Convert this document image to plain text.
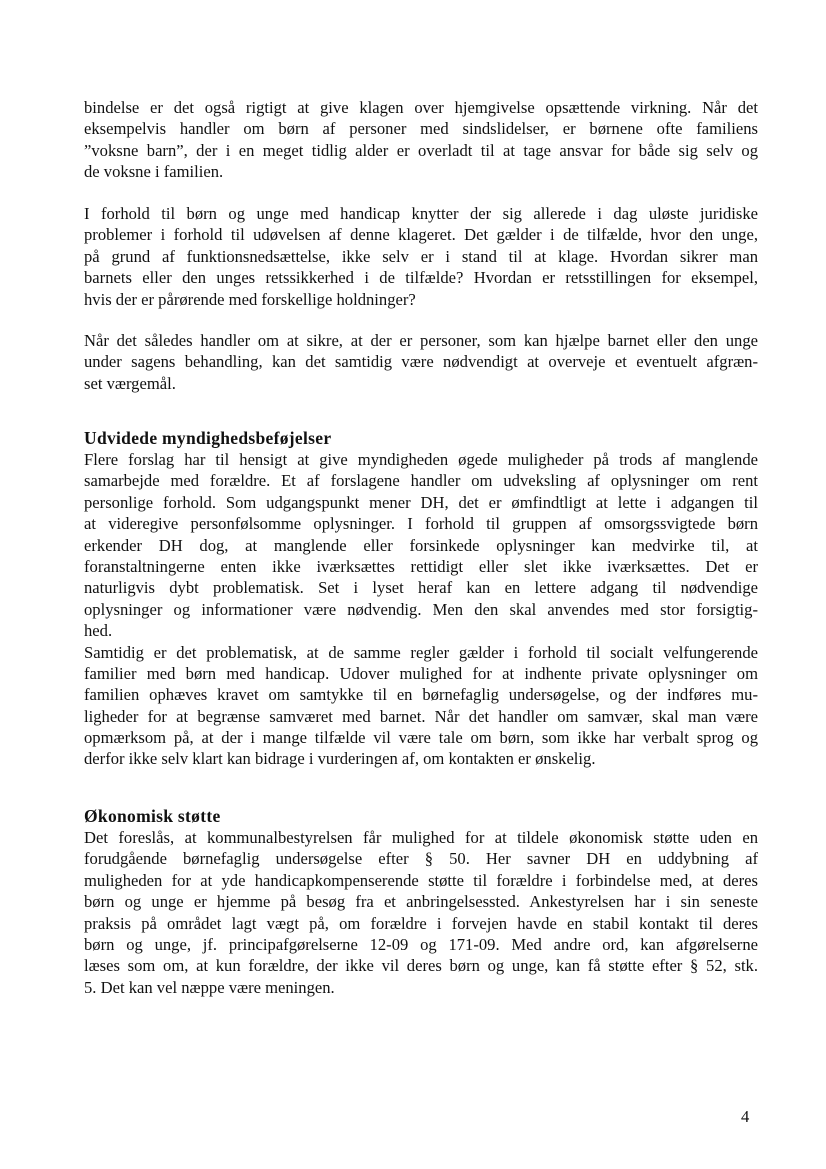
bindelse er det også rigtigt at give klagen over hjemgivelse opsættende virkning. Når det
eksempelvis handler om børn af personer med sindslidelser, er børnene ofte familiens
”voksne barn”, der i en meget tidlig alder er overladt til at tage ansvar for både sig selv og
de voksne i familien.
I forhold til børn og unge med handicap knytter der sig allerede i dag uløste juridiske
problemer i forhold til udøvelsen af denne klageret. Det gælder i de tilfælde, hvor den unge,
på grund af funktionsnedsættelse, ikke selv er i stand til at klage. Hvordan sikrer man
barnets eller den unges retssikkerhed i de tilfælde? Hvordan er retsstillingen for eksempel,
hvis der er pårørende med forskellige holdninger?
Når det således handler om at sikre, at der er personer, som kan hjælpe barnet eller den unge
under sagens behandling, kan det samtidig være nødvendigt at overveje et eventuelt afgræn-
set værgemål.
Udvidede myndighedsbeføjelser
Flere forslag har til hensigt at give myndigheden øgede muligheder på trods af manglende
samarbejde med forældre. Et af forslagene handler om udveksling af oplysninger om rent
personlige forhold. Som udgangspunkt mener DH, det er ømfindtligt at lette i adgangen til
at videregive personfølsomme oplysninger. I forhold til gruppen af omsorgssvigtede børn
erkender DH dog, at manglende eller forsinkede oplysninger kan medvirke til, at
foranstaltningerne enten ikke iværksættes rettidigt eller slet ikke iværksættes. Det er
naturligvis dybt problematisk. Set i lyset heraf kan en lettere adgang til nødvendige
oplysninger og informationer være nødvendig. Men den skal anvendes med stor forsigtig-
hed.
Samtidig er det problematisk, at de samme regler gælder i forhold til socialt velfungerende
familier med børn med handicap. Udover mulighed for at indhente private oplysninger om
familien ophæves kravet om samtykke til en børnefaglig undersøgelse, og der indføres mu-
ligheder for at begrænse samværet med barnet. Når det handler om samvær, skal man være
opmærksom på, at der i mange tilfælde vil være tale om børn, som ikke har verbalt sprog og
derfor ikke selv klart kan bidrage i vurderingen af, om kontakten er ønskelig.
Økonomisk støtte
Det foreslås, at kommunalbestyrelsen får mulighed for at tildele økonomisk støtte uden en
forudgående børnefaglig undersøgelse efter § 50. Her savner DH en uddybning af
muligheden for at yde handicapkompenserende støtte til forældre i forbindelse med, at deres
børn og unge er hjemme på besøg fra et anbringelsessted. Ankestyrelsen har i sin seneste
praksis på området lagt vægt på, om forældre i forvejen havde en stabil kontakt til deres
børn og unge, jf. principafgørelserne 12-09 og 171-09. Med andre ord, kan afgørelserne
læses som om, at kun forældre, der ikke vil deres børn og unge, kan få støtte efter § 52, stk.
5. Det kan vel næppe være meningen.
4
